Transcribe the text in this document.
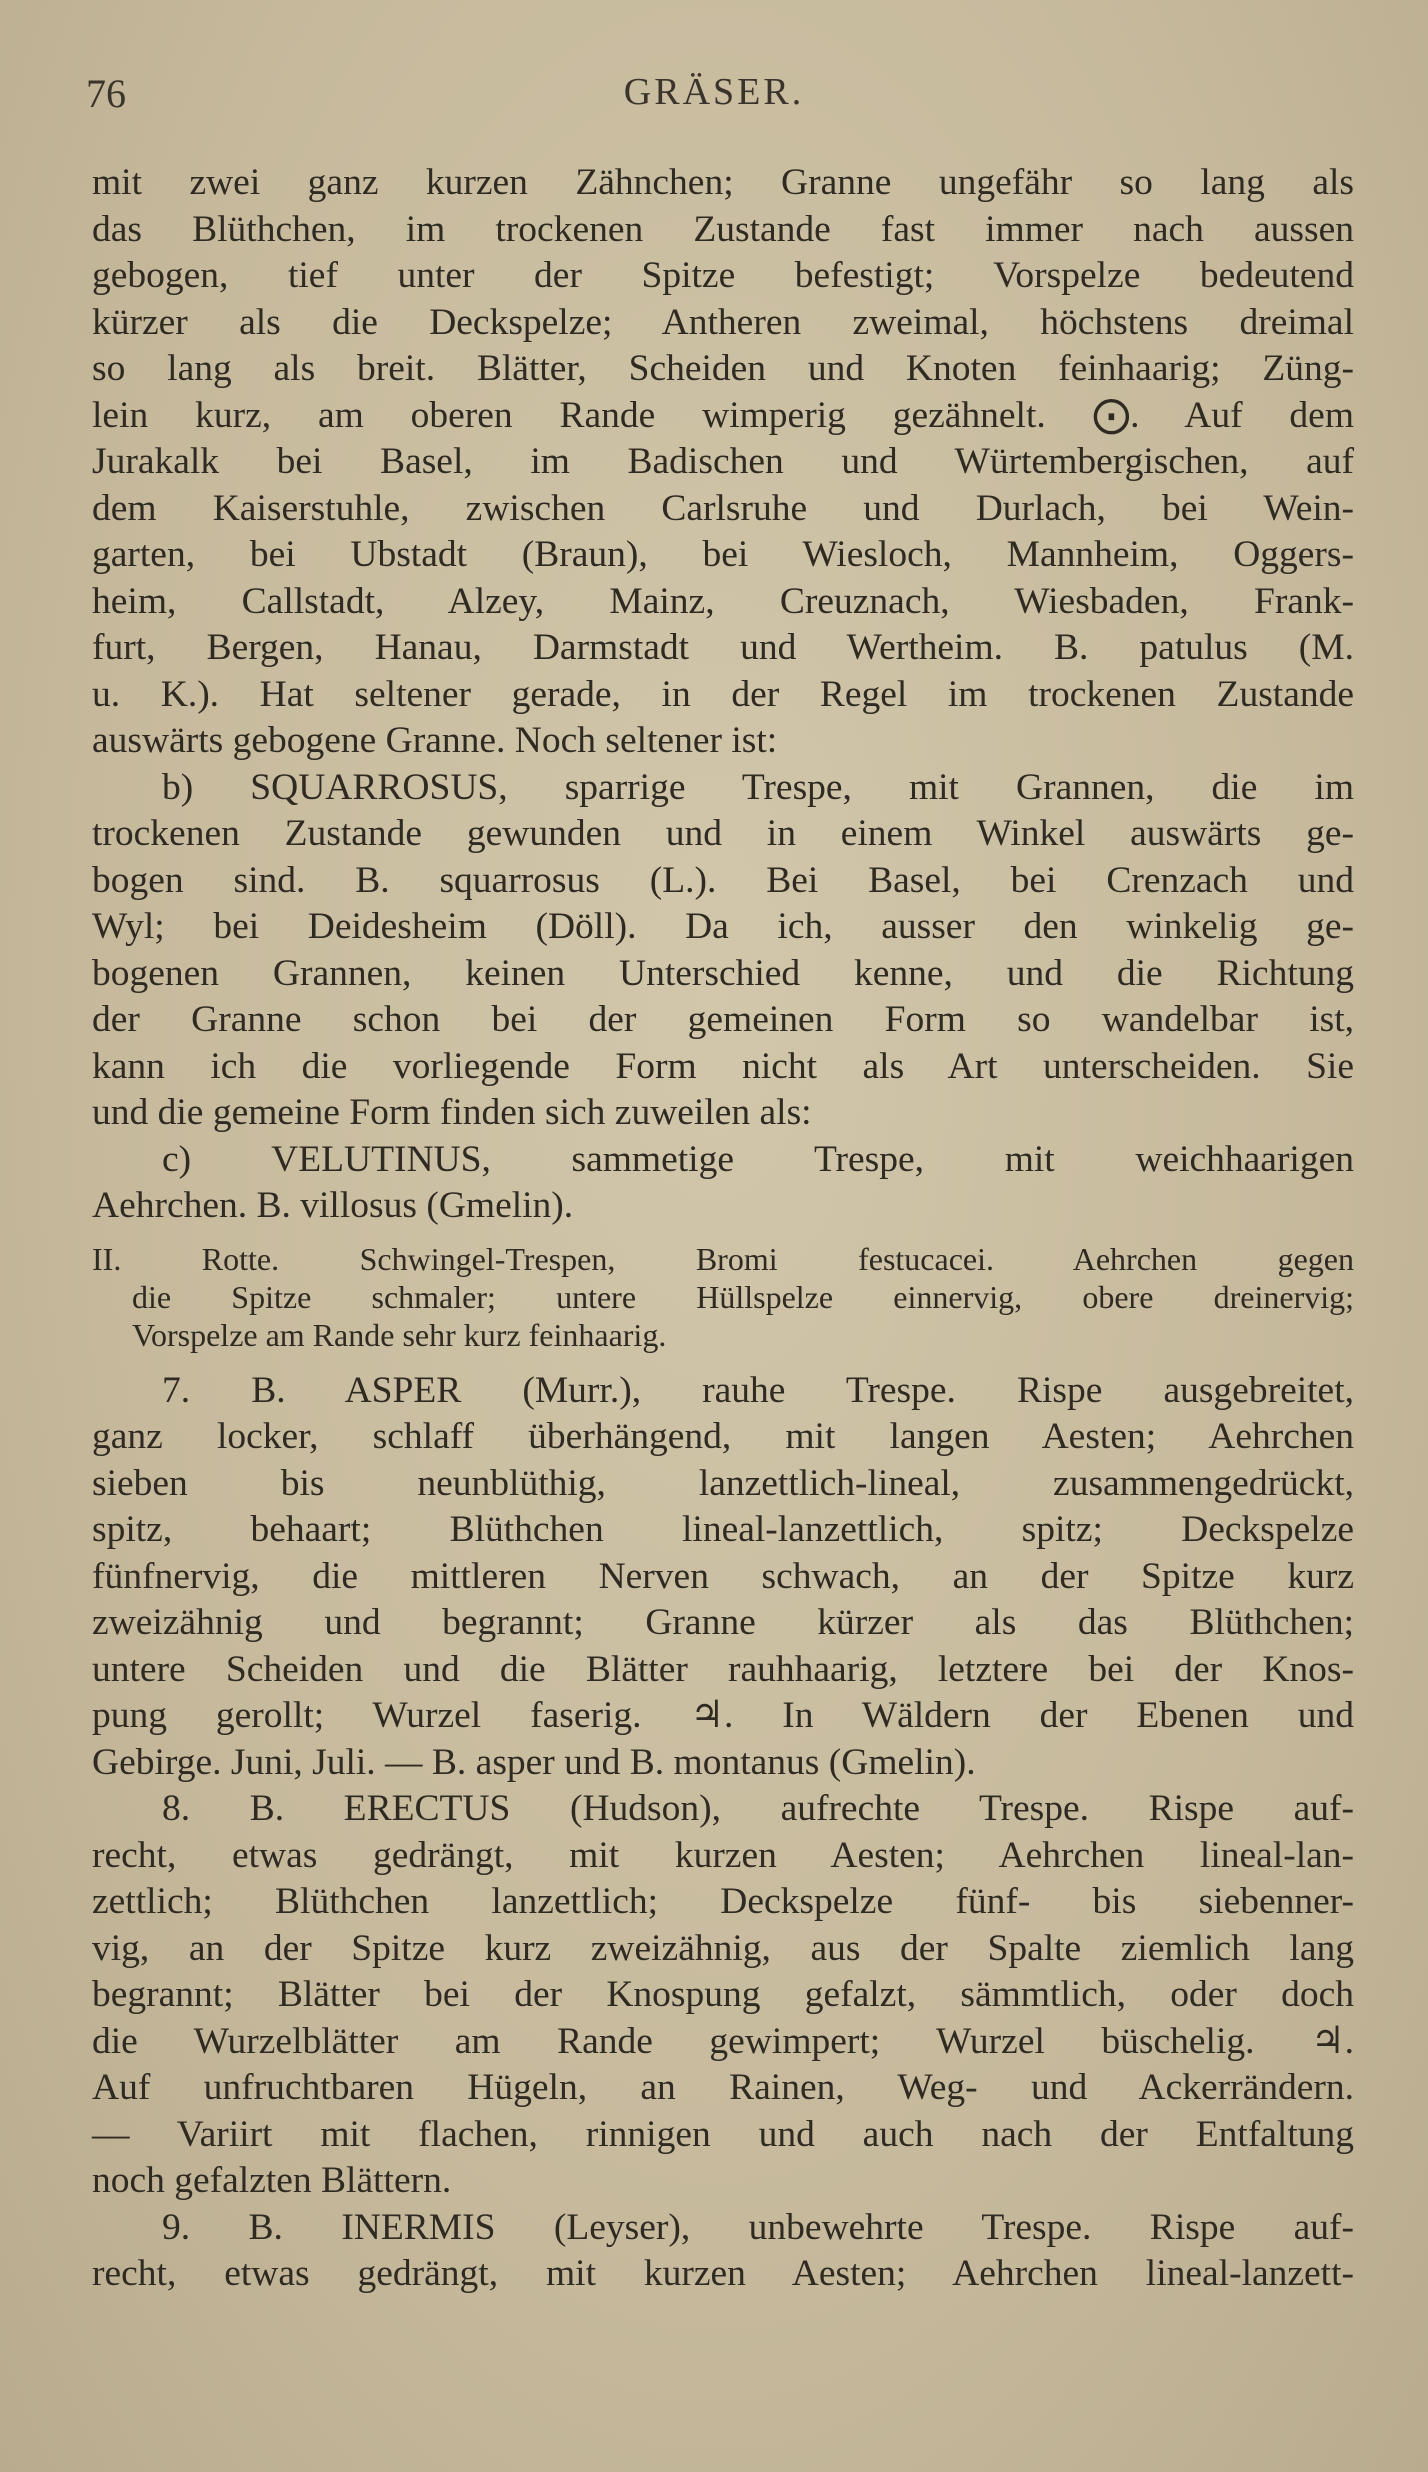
76	GRÄSER.
mit zwei ganz kurzen Zähnchen; Granne ungefähr so lang als
das Blüthchen, im trockenen Zustande fast immer nach aussen
gebogen, tief unter der Spitze befestigt; Vorspelze bedeutend
kürzer als die Deckspelze; Antheren zweimal, höchstens dreimal
so lang als breit. Blätter, Scheiden und Knoten feinhaarig; Züng-
lein kurz, am oberen Rande wimperig gezähnelt. ⨀. Auf dem
Jurakalk bei Basel, im Badischen und Würtembergischen, auf
dem Kaiserstuhle, zwischen Carlsruhe und Durlach, bei Wein-
garten, bei Ubstadt (Braun), bei Wiesloch, Mannheim, Oggers-
heim, Callstadt, Alzey, Mainz, Creuznach, Wiesbaden, Frank-
furt, Bergen, Hanau, Darmstadt und Wertheim. B. patulus (M.
u. K.). Hat seltener gerade, in der Regel im trockenen Zustande
auswärts gebogene Granne. Noch seltener ist:
b) SQUARROSUS, sparrige Trespe, mit Grannen, die im
trockenen Zustande gewunden und in einem Winkel auswärts ge-
bogen sind. B. squarrosus (L.). Bei Basel, bei Crenzach und
Wyl; bei Deidesheim (Döll). Da ich, ausser den winkelig ge-
bogenen Grannen, keinen Unterschied kenne, und die Richtung
der Granne schon bei der gemeinen Form so wandelbar ist,
kann ich die vorliegende Form nicht als Art unterscheiden. Sie
und die gemeine Form finden sich zuweilen als:
c) VELUTINUS, sammetige Trespe, mit weichhaarigen
Aehrchen. B. villosus (Gmelin).
II. Rotte. Schwingel-Trespen, Bromi festucacei. Aehrchen gegen
die Spitze schmaler; untere Hüllspelze einnervig, obere dreinervig;
Vorspelze am Rande sehr kurz feinhaarig.
7. B. ASPER (Murr.), rauhe Trespe. Rispe ausgebreitet,
ganz locker, schlaff überhängend, mit langen Aesten; Aehrchen
sieben bis neunblüthig, lanzettlich-lineal, zusammengedrückt,
spitz, behaart; Blüthchen lineal-lanzettlich, spitz; Deckspelze
fünfnervig, die mittleren Nerven schwach, an der Spitze kurz
zweizähnig und begrannt; Granne kürzer als das Blüthchen;
untere Scheiden und die Blätter rauhhaarig, letztere bei der Knos-
pung gerollt; Wurzel faserig. ♃. In Wäldern der Ebenen und
Gebirge. Juni, Juli. — B. asper und B. montanus (Gmelin).
8. B. ERECTUS (Hudson), aufrechte Trespe. Rispe auf-
recht, etwas gedrängt, mit kurzen Aesten; Aehrchen lineal-lan-
zettlich; Blüthchen lanzettlich; Deckspelze fünf- bis siebenner-
vig, an der Spitze kurz zweizähnig, aus der Spalte ziemlich lang
begrannt; Blätter bei der Knospung gefalzt, sämmtlich, oder doch
die Wurzelblätter am Rande gewimpert; Wurzel büschelig. ♃.
Auf unfruchtbaren Hügeln, an Rainen, Weg- und Ackerrändern.
— Variirt mit flachen, rinnigen und auch nach der Entfaltung
noch gefalzten Blättern.
9. B. INERMIS (Leyser), unbewehrte Trespe. Rispe auf-
recht, etwas gedrängt, mit kurzen Aesten; Aehrchen lineal-lanzett-
